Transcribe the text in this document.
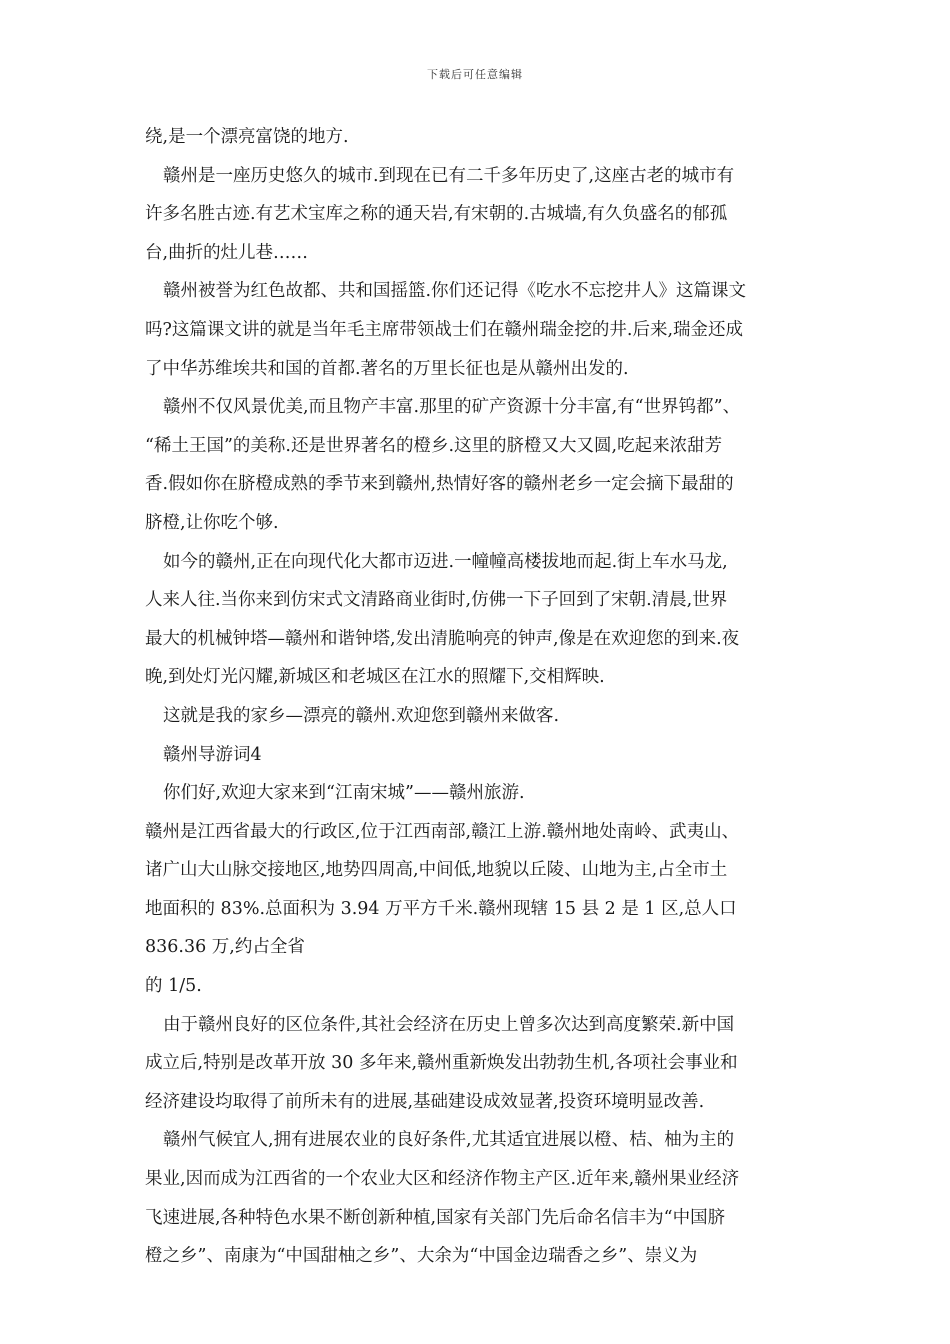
下载后可任意编辑

绕,是一个漂亮富饶的地方.

赣州是一座历史悠久的城市.到现在已有二千多年历史了,这座古老的城市有

许多名胜古迹.有艺术宝库之称的通天岩,有宋朝的.古城墙,有久负盛名的郁孤

台,曲折的灶儿巷……

赣州被誉为红色故都、共和国摇篮.你们还记得《吃水不忘挖井人》这篇课文

吗?这篇课文讲的就是当年毛主席带领战士们在赣州瑞金挖的井.后来,瑞金还成

了中华苏维埃共和国的首都.著名的万里长征也是从赣州出发的.

赣州不仅风景优美,而且物产丰富.那里的矿产资源十分丰富,有“世界钨都”、

“稀土王国”的美称.还是世界著名的橙乡.这里的脐橙又大又圆,吃起来浓甜芳

香.假如你在脐橙成熟的季节来到赣州,热情好客的赣州老乡一定会摘下最甜的

脐橙,让你吃个够.

如今的赣州,正在向现代化大都市迈进.一幢幢高楼拔地而起.街上车水马龙,

人来人往.当你来到仿宋式文清路商业街时,仿佛一下子回到了宋朝.清晨,世界

最大的机械钟塔—赣州和谐钟塔,发出清脆响亮的钟声,像是在欢迎您的到来.夜

晚,到处灯光闪耀,新城区和老城区在江水的照耀下,交相辉映.

这就是我的家乡—漂亮的赣州.欢迎您到赣州来做客.

赣州导游词4

你们好,欢迎大家来到“江南宋城”——赣州旅游.

赣州是江西省最大的行政区,位于江西南部,赣江上游.赣州地处南岭、武夷山、

诸广山大山脉交接地区,地势四周高,中间低,地貌以丘陵、山地为主,占全市土

地面积的 83%.总面积为 3.94 万平方千米.赣州现辖 15 县 2 是 1 区,总人口

836.36 万,约占全省

的 1/5.

由于赣州良好的区位条件,其社会经济在历史上曾多次达到高度繁荣.新中国

成立后,特别是改革开放 30 多年来,赣州重新焕发出勃勃生机,各项社会事业和

经济建设均取得了前所未有的进展,基础建设成效显著,投资环境明显改善.

赣州气候宜人,拥有进展农业的良好条件,尤其适宜进展以橙、桔、柚为主的

果业,因而成为江西省的一个农业大区和经济作物主产区.近年来,赣州果业经济

飞速进展,各种特色水果不断创新种植,国家有关部门先后命名信丰为“中国脐

橙之乡”、南康为“中国甜柚之乡”、大余为“中国金边瑞香之乡”、崇义为
